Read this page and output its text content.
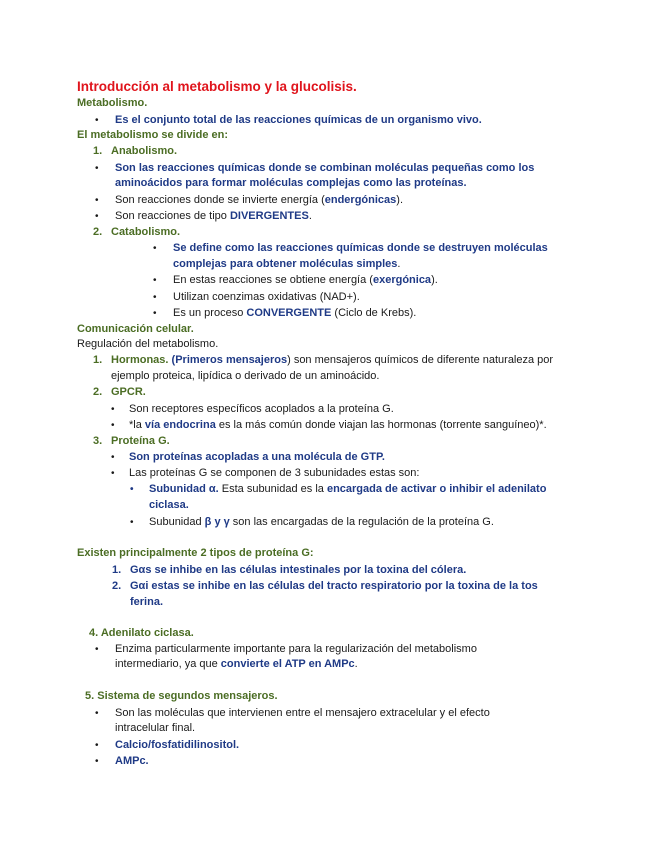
Introducción al metabolismo y la glucolisis.
Metabolismo.
• Es el conjunto total de las reacciones químicas de un organismo vivo.
El metabolismo se divide en:
1. Anabolismo.
• Son las reacciones químicas donde se combinan moléculas pequeñas como los
aminoácidos para formar moléculas complejas como las proteínas.
• Son reacciones donde se invierte energía (endergónicas).
• Son reacciones de tipo DIVERGENTES.
2. Catabolismo.
• Se define como las reacciones químicas donde se destruyen moléculas
complejas para obtener moléculas simples.
• En estas reacciones se obtiene energía (exergónica).
• Utilizan coenzimas oxidativas (NAD+).
• Es un proceso CONVERGENTE (Ciclo de Krebs).
Comunicación celular.
Regulación del metabolismo.
1. Hormonas. (Primeros mensajeros) son mensajeros químicos de diferente naturaleza por
ejemplo proteica, lipídica o derivado de un aminoácido.
2. GPCR.
• Son receptores específicos acoplados a la proteína G.
• *la vía endocrina es la más común donde viajan las hormonas (torrente sanguíneo)*.
3. Proteína G.
• Son proteínas acopladas a una molécula de GTP.
• Las proteínas G se componen de 3 subunidades estas son:
• Subunidad α. Esta subunidad es la encargada de activar o inhibir el adenilato
ciclasa.
• Subunidad β y γ son las encargadas de la regulación de la proteína G.
Existen principalmente 2 tipos de proteína G:
1. Gαs se inhibe en las células intestinales por la toxina del cólera.
2. Gαi estas se inhibe en las células del tracto respiratorio por la toxina de la tos
ferina.
4. Adenilato ciclasa.
• Enzima particularmente importante para la regularización del metabolismo
intermediario, ya que convierte el ATP en AMPc.
5. Sistema de segundos mensajeros.
• Son las moléculas que intervienen entre el mensajero extracelular y el efecto
intracelular final.
• Calcio/fosfatidilinositol.
• AMPc.
